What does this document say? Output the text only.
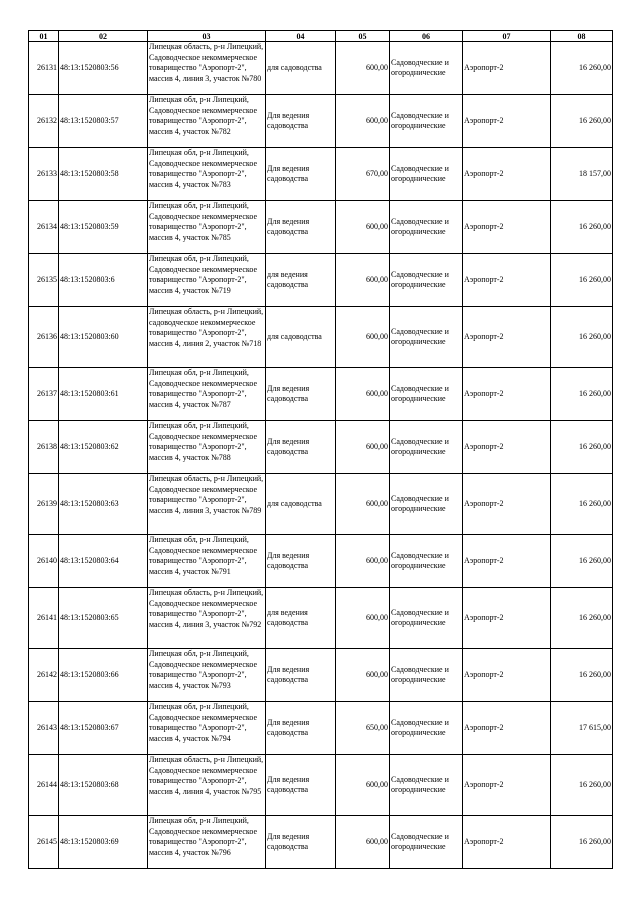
01	02	03	04	05	06	07	08
26131	48:13:1520803:56	Липецкая область, р-н Липецкий, Садоводческое некоммерческое товарищество "Аэропорт-2", массив 4, линия 3, участок №780	для садоводства	600,00	Садоводческие и огороднические	Аэропорт-2	16 260,00
26132	48:13:1520803:57	Липецкая обл, р-н Липецкий, Садоводческое некоммерческое товарищество "Аэропорт-2", массив 4, участок №782	Для ведения садоводства	600,00	Садоводческие и огороднические	Аэропорт-2	16 260,00
26133	48:13:1520803:58	Липецкая обл, р-н Липецкий, Садоводческое некоммерческое товарищество "Аэропорт-2", массив 4, участок №783	Для ведения садоводства	670,00	Садоводческие и огороднические	Аэропорт-2	18 157,00
26134	48:13:1520803:59	Липецкая обл, р-н Липецкий, Садоводческое некоммерческое товарищество "Аэропорт-2", массив 4, участок №785	Для ведения садоводства	600,00	Садоводческие и огороднические	Аэропорт-2	16 260,00
26135	48:13:1520803:6	Липецкая обл, р-н Липецкий, Садоводческое некоммерческое товарищество "Аэропорт-2", массив 4, участок №719	для ведения садоводства	600,00	Садоводческие и огороднические	Аэропорт-2	16 260,00
26136	48:13:1520803:60	Липецкая область, р-н Липецкий, садоводческое некоммерческое товарищество "Аэропорт-2", массив 4, линия 2, участок №718	для садоводства	600,00	Садоводческие и огороднические	Аэропорт-2	16 260,00
26137	48:13:1520803:61	Липецкая обл, р-н Липецкий, Садоводческое некоммерческое товарищество "Аэропорт-2", массив 4, участок №787	Для ведения садоводства	600,00	Садоводческие и огороднические	Аэропорт-2	16 260,00
26138	48:13:1520803:62	Липецкая обл, р-н Липецкий, Садоводческое некоммерческое товарищество "Аэропорт-2", массив 4, участок №788	Для ведения садоводства	600,00	Садоводческие и огороднические	Аэропорт-2	16 260,00
26139	48:13:1520803:63	Липецкая область, р-н Липецкий, Садоводческое некоммерческое товарищество "Аэропорт-2", массив 4, линия 3, участок №789	для садоводства	600,00	Садоводческие и огороднические	Аэропорт-2	16 260,00
26140	48:13:1520803:64	Липецкая обл, р-н Липецкий, Садоводческое некоммерческое товарищество "Аэропорт-2", массив 4, участок №791	Для ведения садоводства	600,00	Садоводческие и огороднические	Аэропорт-2	16 260,00
26141	48:13:1520803:65	Липецкая область, р-н Липецкий, Садоводческое некоммерческое товарищество "Аэропорт-2", массив 4, линия 3, участок №792	для ведения садоводства	600,00	Садоводческие и огороднические	Аэропорт-2	16 260,00
26142	48:13:1520803:66	Липецкая обл, р-н Липецкий, Садоводческое некоммерческое товарищество "Аэропорт-2", массив 4, участок №793	Для ведения садоводства	600,00	Садоводческие и огороднические	Аэропорт-2	16 260,00
26143	48:13:1520803:67	Липецкая обл, р-н Липецкий, Садоводческое некоммерческое товарищество "Аэропорт-2", массив 4, участок №794	Для ведения садоводства	650,00	Садоводческие и огороднические	Аэропорт-2	17 615,00
26144	48:13:1520803:68	Липецкая область, р-н Липецкий, Садоводческое некоммерческое товарищество "Аэропорт-2", массив 4, линия 4, участок №795	Для ведения садоводства	600,00	Садоводческие и огороднические	Аэропорт-2	16 260,00
26145	48:13:1520803:69	Липецкая обл, р-н Липецкий, Садоводческое некоммерческое товарищество "Аэропорт-2", массив 4, участок №796	Для ведения садоводства	600,00	Садоводческие и огороднические	Аэропорт-2	16 260,00
